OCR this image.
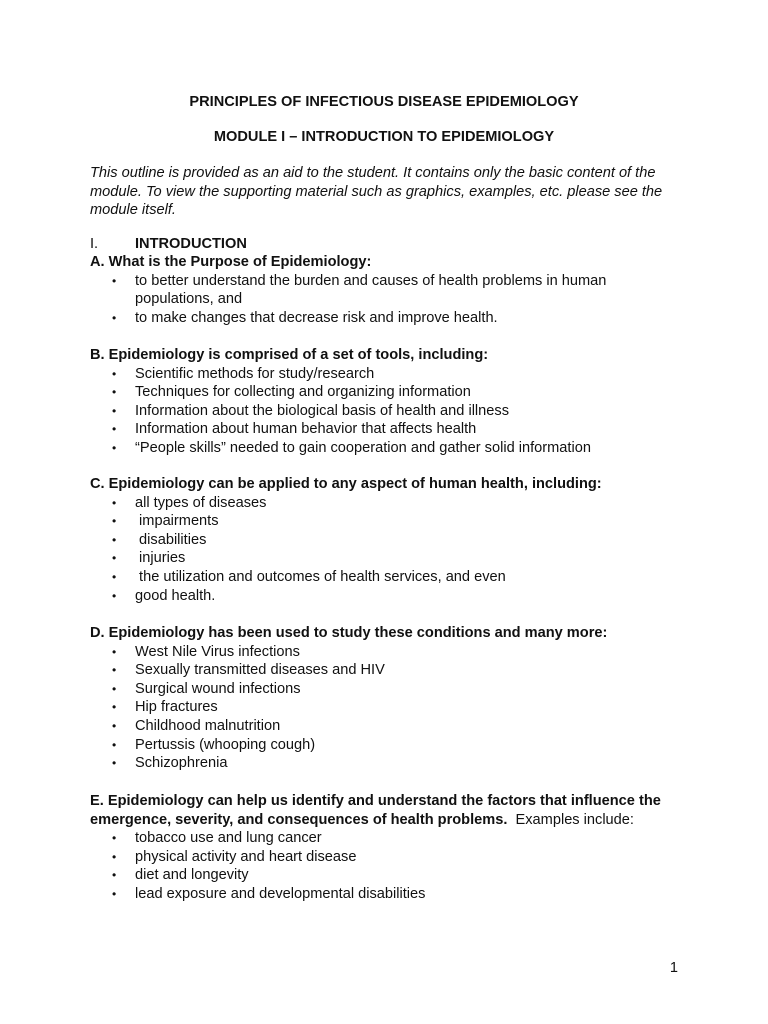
PRINCIPLES OF INFECTIOUS DISEASE EPIDEMIOLOGY

MODULE I – INTRODUCTION TO EPIDEMIOLOGY

This outline is provided as an aid to the student. It contains only the basic content of the module. To view the supporting material such as graphics, examples, etc. please see the module itself.

I.	INTRODUCTION

A. What is the Purpose of Epidemiology:

• to better understand the burden and causes of health problems in human populations, and
• to make changes that decrease risk and improve health.

B. Epidemiology is comprised of a set of tools, including:

• Scientific methods for study/research
• Techniques for collecting and organizing information
• Information about the biological basis of health and illness
• Information about human behavior that affects health
• “People skills” needed to gain cooperation and gather solid information

C. Epidemiology can be applied to any aspect of human health, including:

• all types of diseases
• impairments
• disabilities
• injuries
• the utilization and outcomes of health services, and even
• good health.

D. Epidemiology has been used to study these conditions and many more:

• West Nile Virus infections
• Sexually transmitted diseases and HIV
• Surgical wound infections
• Hip fractures
• Childhood malnutrition
• Pertussis (whooping cough)
• Schizophrenia

E. Epidemiology can help us identify and understand the factors that influence the emergence, severity, and consequences of health problems.  Examples include:

• tobacco use and lung cancer
• physical activity and heart disease
• diet and longevity
• lead exposure and developmental disabilities

1
